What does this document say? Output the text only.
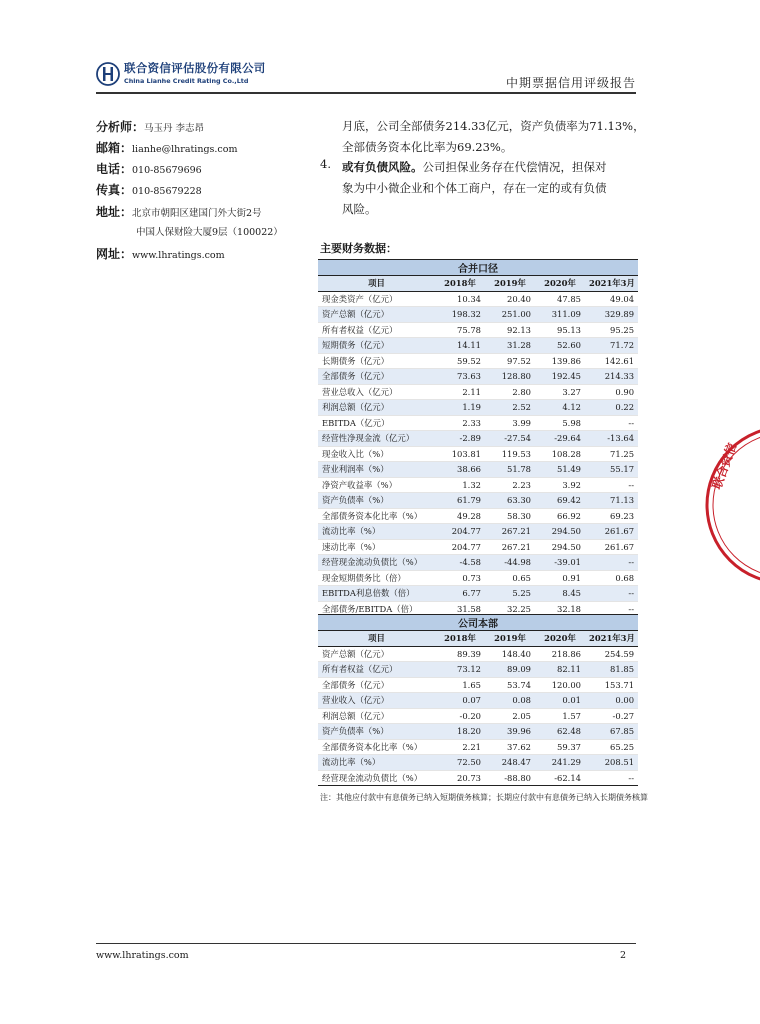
联合资信评估股份有限公司
China Lianhe Credit Rating Co.,Ltd	中期票据信用评级报告
分析师：马玉丹 李志昂
邮箱：lianhe@lhratings.com
电话：010-85679696
传真：010-85679228
地址：北京市朝阳区建国门外大街2号
中国人保财险大厦9层（100022）
网址：www.lhratings.com
月底，公司全部债务214.33亿元，资产负债率为71.13%，
全部债务资本化比率为69.23%。
4. 或有负债风险。公司担保业务存在代偿情况，担保对
象为中小微企业和个体工商户，存在一定的或有负债
风险。
主要财务数据：
合并口径				
项目	2018年	2019年	2020年	2021年3月
现金类资产（亿元）	10.34	20.40	47.85	49.04
资产总额（亿元）	198.32	251.00	311.09	329.89
所有者权益（亿元）	75.78	92.13	95.13	95.25
短期债务（亿元）	14.11	31.28	52.60	71.72
长期债务（亿元）	59.52	97.52	139.86	142.61
全部债务（亿元）	73.63	128.80	192.45	214.33
营业总收入（亿元）	2.11	2.80	3.27	0.90
利润总额（亿元）	1.19	2.52	4.12	0.22
EBITDA（亿元）	2.33	3.99	5.98	--
经营性净现金流（亿元）	-2.89	-27.54	-29.64	-13.64
现金收入比（%）	103.81	119.53	108.28	71.25
营业利润率（%）	38.66	51.78	51.49	55.17
净资产收益率（%）	1.32	2.23	3.92	--
资产负债率（%）	61.79	63.30	69.42	71.13
全部债务资本化比率（%）	49.28	58.30	66.92	69.23
流动比率（%）	204.77	267.21	294.50	261.67
速动比率（%）	204.77	267.21	294.50	261.67
经营现金流动负债比（%）	-4.58	-44.98	-39.01	--
现金短期债务比（倍）	0.73	0.65	0.91	0.68
EBITDA利息倍数（倍）	6.77	5.25	8.45	--
全部债务/EBITDA（倍）	31.58	32.25	32.18	--
公司本部				
项目	2018年	2019年	2020年	2021年3月
资产总额（亿元）	89.39	148.40	218.86	254.59
所有者权益（亿元）	73.12	89.09	82.11	81.85
全部债务（亿元）	1.65	53.74	120.00	153.71
营业收入（亿元）	0.07	0.08	0.01	0.00
利润总额（亿元）	-0.20	2.05	1.57	-0.27
资产负债率（%）	18.20	39.96	62.48	67.85
全部债务资本化比率（%）	2.21	37.62	59.37	65.25
流动比率（%）	72.50	248.47	241.29	208.51
经营现金流动负债比（%）	20.73	-88.80	-62.14	--
注：其他应付款中有息债务已纳入短期债务核算；长期应付款中有息债务已纳入长期债务核算
联合资信
www.lhratings.com	2
